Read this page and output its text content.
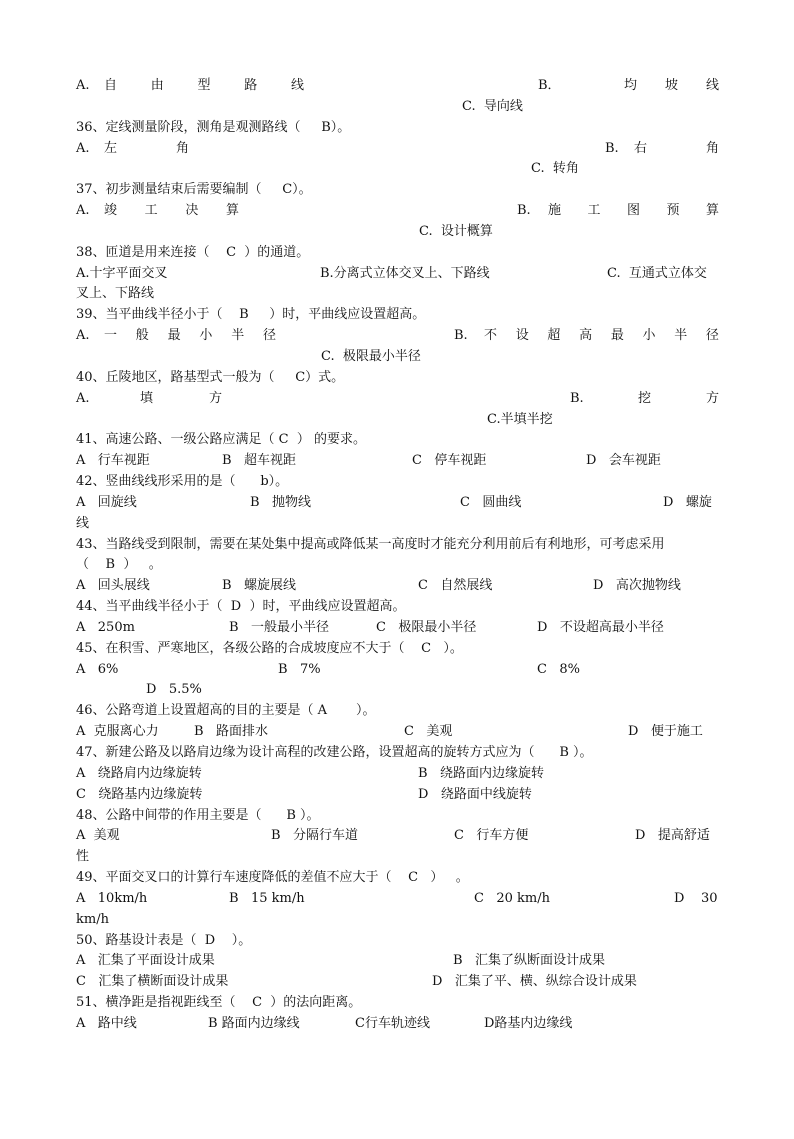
A.

自	由	型	路	线

	B．

	均 坡 线

C.  导向线
36、定线测量阶段，测角是观测路线（     B）。

A.

左	角

	B.

右	角

C.  转角
37、初步测量结束后需要编制（     C）。

A.

竣 工 决 算

	B.

施 工 图 预 算

C.  设计概算
38、匝道是用来连接（    C  ）的通道。

A.十字平面交叉

	B.分离式立体交叉上、下路线

	C.  互通式立体交

叉上、下路线
39、当平曲线半径小于（    B     ）时，平曲线应设置超高。

A.

一 般 最 小 半 径

	B.

不 设 超 高 最 小 半 径

C.  极限最小半径
40、丘陵地区，路基型式一般为（     C）式。

A.

	填	方

	B.

	挖	方

C.半填半挖
41、高速公路、一级公路应满足（ C  ） 的要求。

A   行车视距

	B   超车视距

	C   停车视距

	D   会车视距

42、竖曲线线形采用的是（      b）。

A   回旋线

	B   抛物线

	C   圆曲线

	D   螺旋

线
43、当路线受到限制，需要在某处集中提高或降低某一高度时才能充分利用前后有利地形，可考虑采用
（    B  ）   。

A   回头展线

	B   螺旋展线

	C   自然展线

	D   高次抛物线

44、当平曲线半径小于（  D  ）时，平曲线应设置超高。

A   250m

	B   一般最小半径

	C   极限最小半径

	D   不设超高最小半径

45、在积雪、严寒地区，各级公路的合成坡度应不大于（    C   ）。

A   6%

	B   7%

	C   8%

D   5.5%
46、公路弯道上设置超高的目的主要是（ A       ）。

A  克服离心力

	B   路面排水

	C   美观

	D   便于施工

47、新建公路及以路肩边缘为设计高程的改建公路，设置超高的旋转方式应为（      B ）。

A   绕路肩内边缘旋转

	B   绕路面内边缘旋转

C   绕路基内边缘旋转

	D   绕路面中线旋转

48、公路中间带的作用主要是（      B ）。

A  美观

	B   分隔行车道

	C   行车方便

	D   提高舒适

性
49、平面交叉口的计算行车速度降低的差值不应大于（    C   ）   。

A   10km/h

	B   15 km/h

	C   20 km/h

	D    30

km/h
50、路基设计表是（  D    ）。

A   汇集了平面设计成果

	B   汇集了纵断面设计成果

C   汇集了横断面设计成果

	D   汇集了平、横、纵综合设计成果

51、横净距是指视距线至（    C  ）的法向距离。

A   路中线

	B 路面内边缘线

	C行车轨迹线

	D路基内边缘线
